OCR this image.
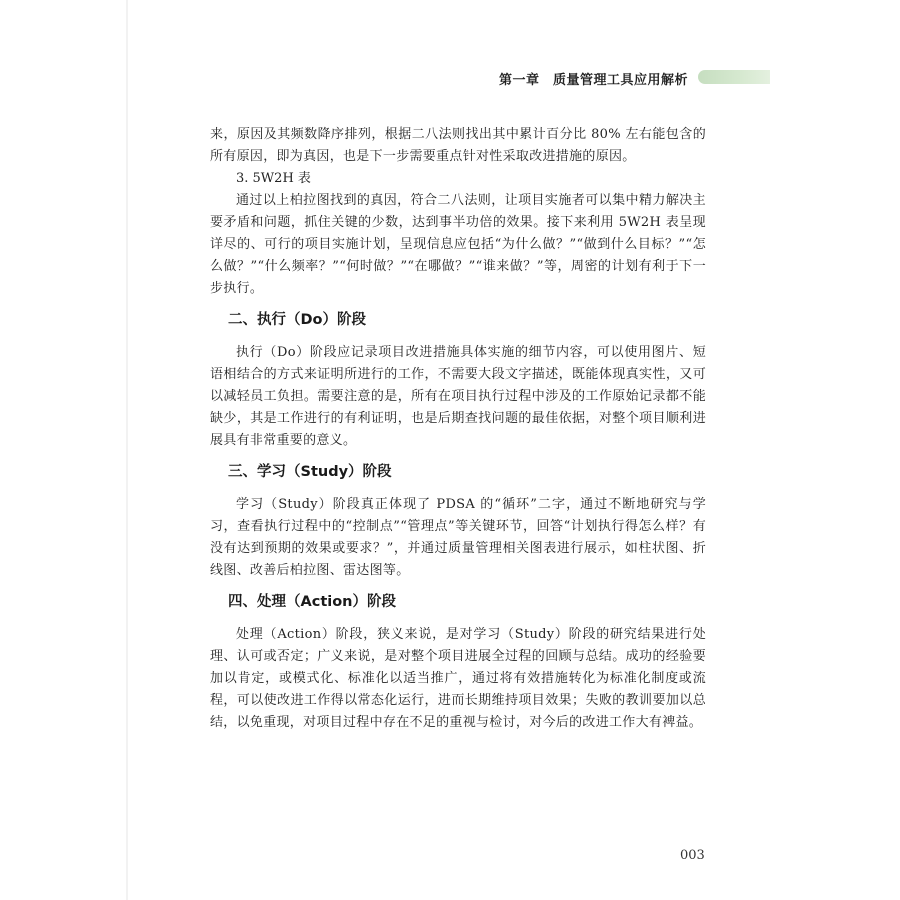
第一章　质量管理工具应用解析

来，原因及其频数降序排列，根据二八法则找出其中累计百分比 80% 左右能包含的所有原因，即为真因，也是下一步需要重点针对性采取改进措施的原因。

3. 5W2H 表

通过以上柏拉图找到的真因，符合二八法则，让项目实施者可以集中精力解决主要矛盾和问题，抓住关键的少数，达到事半功倍的效果。接下来利用 5W2H 表呈现详尽的、可行的项目实施计划，呈现信息应包括“为什么做？”“做到什么目标？”“怎么做？”“什么频率？”“何时做？”“在哪做？”“谁来做？”等，周密的计划有利于下一步执行。

二、执行（Do）阶段

执行（Do）阶段应记录项目改进措施具体实施的细节内容，可以使用图片、短语相结合的方式来证明所进行的工作，不需要大段文字描述，既能体现真实性，又可以减轻员工负担。需要注意的是，所有在项目执行过程中涉及的工作原始记录都不能缺少，其是工作进行的有利证明，也是后期查找问题的最佳依据，对整个项目顺利进展具有非常重要的意义。

三、学习（Study）阶段

学习（Study）阶段真正体现了 PDSA 的“循环”二字，通过不断地研究与学习，查看执行过程中的“控制点”“管理点”等关键环节，回答“计划执行得怎么样？有没有达到预期的效果或要求？”，并通过质量管理相关图表进行展示，如柱状图、折线图、改善后柏拉图、雷达图等。

四、处理（Action）阶段

处理（Action）阶段，狭义来说，是对学习（Study）阶段的研究结果进行处理、认可或否定；广义来说，是对整个项目进展全过程的回顾与总结。成功的经验要加以肯定，或模式化、标准化以适当推广，通过将有效措施转化为标准化制度或流程，可以使改进工作得以常态化运行，进而长期维持项目效果；失败的教训要加以总结，以免重现，对项目过程中存在不足的重视与检讨，对今后的改进工作大有裨益。

003
